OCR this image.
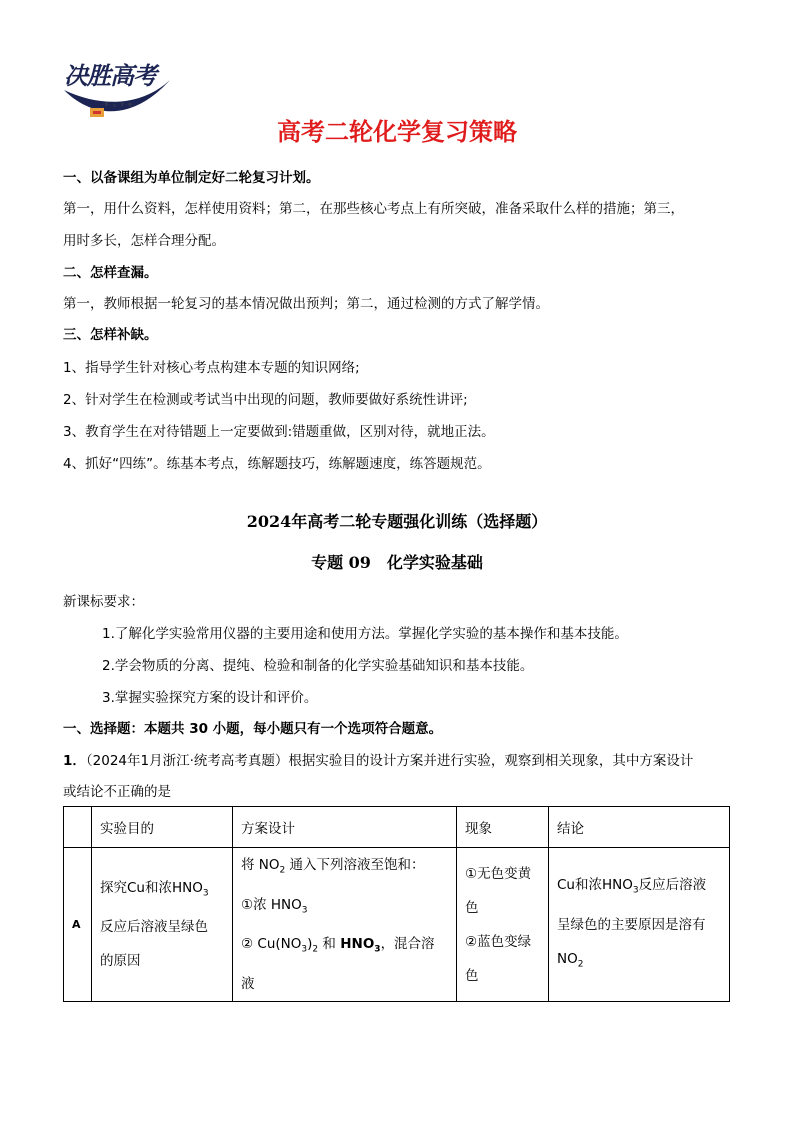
决胜高考
· 华 · 云 · 学 · 苑 ·
高考二轮化学复习策略
一、以备课组为单位制定好二轮复习计划。
第一，用什么资料，怎样使用资料；第二，在那些核心考点上有所突破，准备采取什么样的措施；第三，
用时多长，怎样合理分配。
二、怎样查漏。
第一，教师根据一轮复习的基本情况做出预判；第二，通过检测的方式了解学情。
三、怎样补缺。
1、指导学生针对核心考点构建本专题的知识网络;
2、针对学生在检测或考试当中出现的问题，教师要做好系统性讲评;
3、教育学生在对待错题上一定要做到:错题重做，区别对待，就地正法。
4、抓好“四练”。练基本考点，练解题技巧，练解题速度，练答题规范。
2024年高考二轮专题强化训练（选择题）
专题 09　化学实验基础
新课标要求：
1.了解化学实验常用仪器的主要用途和使用方法。掌握化学实验的基本操作和基本技能。
2.学会物质的分离、提纯、检验和制备的化学实验基础知识和基本技能。
3.掌握实验探究方案的设计和评价。
一、选择题：本题共 30 小题，每小题只有一个选项符合题意。
1．（2024年1月浙江·统考高考真题）根据实验目的设计方案并进行实验，观察到相关现象，其中方案设计
或结论不正确的是
	实验目的	方案设计	现象	结论
A	探究Cu和浓$HNO_3$
反应后溶液呈绿色
的原因	将 $NO_2$ 通入下列溶液至饱和：
①浓 $HNO_3$
② $Cu(NO_3)_2$ 和 $HNO_3$，混合溶液	①无色变黄
色
②蓝色变绿
色	Cu和浓$HNO_3$反应后溶液
呈绿色的主要原因是溶有
$NO_2$
